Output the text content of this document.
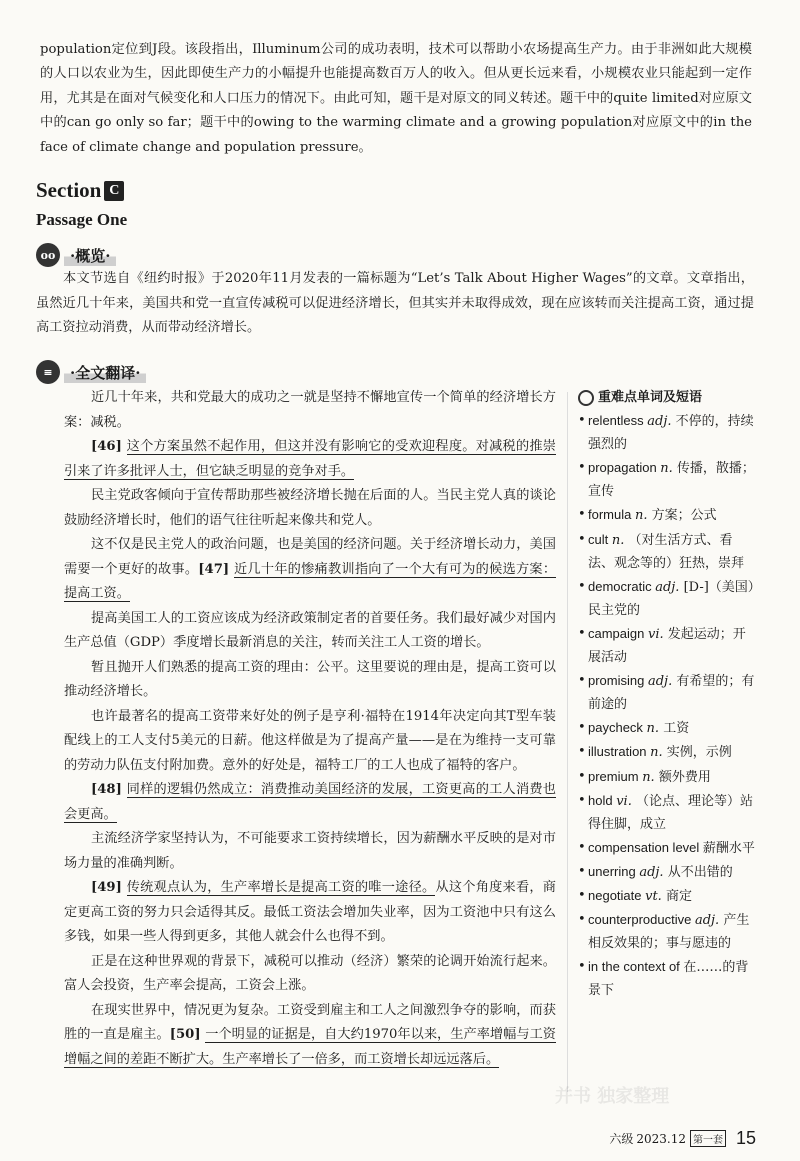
population定位到J段。该段指出，Illuminum公司的成功表明，技术可以帮助小农场提高生产力。由于非洲如此大规模的人口以农业为生，因此即使生产力的小幅提升也能提高数百万人的收入。但从更长远来看，小规模农业只能起到一定作用，尤其是在面对气候变化和人口压力的情况下。由此可知，题干是对原文的同义转述。题干中的quite limited对应原文中的can go only so far；题干中的owing to the warming climate and a growing population对应原文中的in the face of climate change and population pressure。

Section C
Passage One
oo ·概览·

本文节选自《纽约时报》于2020年11月发表的一篇标题为“Let’s Talk About Higher Wages”的文章。文章指出，虽然近几十年来，美国共和党一直宣传减税可以促进经济增长，但其实并未取得成效，现在应该转而关注提高工资，通过提高工资拉动消费，从而带动经济增长。

≡	·全文翻译·

近几十年来，共和党最大的成功之一就是坚持不懈地宣传一个简单的经济增长方案：减税。

[46] 这个方案虽然不起作用，但这并没有影响它的受欢迎程度。对减税的推崇引来了许多批评人士，但它缺乏明显的竞争对手。

民主党政客倾向于宣传帮助那些被经济增长抛在后面的人。当民主党人真的谈论鼓励经济增长时，他们的语气往往听起来像共和党人。

这不仅是民主党人的政治问题，也是美国的经济问题。关于经济增长动力，美国需要一个更好的故事。[47] 近几十年的惨痛教训指向了一个大有可为的候选方案：提高工资。

提高美国工人的工资应该成为经济政策制定者的首要任务。我们最好减少对国内生产总值（GDP）季度增长最新消息的关注，转而关注工人工资的增长。

暂且抛开人们熟悉的提高工资的理由：公平。这里要说的理由是，提高工资可以推动经济增长。

也许最著名的提高工资带来好处的例子是亨利·福特在1914年决定向其T型车装配线上的工人支付5美元的日薪。他这样做是为了提高产量——是在为维持一支可靠的劳动力队伍支付附加费。意外的好处是，福特工厂的工人也成了福特的客户。

[48] 同样的逻辑仍然成立：消费推动美国经济的发展，工资更高的工人消费也会更高。

主流经济学家坚持认为，不可能要求工资持续增长，因为薪酬水平反映的是对市场力量的准确判断。

[49] 传统观点认为，生产率增长是提高工资的唯一途径。从这个角度来看，商定更高工资的努力只会适得其反。最低工资法会增加失业率，因为工资池中只有这么多钱，如果一些人得到更多，其他人就会什么也得不到。

正是在这种世界观的背景下，减税可以推动（经济）繁荣的论调开始流行起来。富人会投资，生产率会提高，工资会上涨。

在现实世界中，情况更为复杂。工资受到雇主和工人之间激烈争夺的影响，而获胜的一直是雇主。[50] 一个明显的证据是，自大约1970年以来，生产率增幅与工资增幅之间的差距不断扩大。生产率增长了一倍多，而工资增长却远远落后。

重难点单词及短语
• relentless adj. 不停的，持续强烈的
• propagation n. 传播，散播；宣传
• formula n. 方案；公式
• cult n. （对生活方式、看法、观念等的）狂热，崇拜
• democratic adj. [D-]（美国）民主党的
• campaign vi. 发起运动；开展活动
• promising adj. 有希望的；有前途的
• paycheck n. 工资
• illustration n. 实例，示例
• premium n. 额外费用
• hold vi. （论点、理论等）站得住脚，成立
• compensation level 薪酬水平
• unerring adj. 从不出错的
• negotiate vt. 商定
• counterproductive adj. 产生相反效果的；事与愿违的
• in the context of 在……的背景下
六级 2023.12 第一套 15
并书 独家整理
